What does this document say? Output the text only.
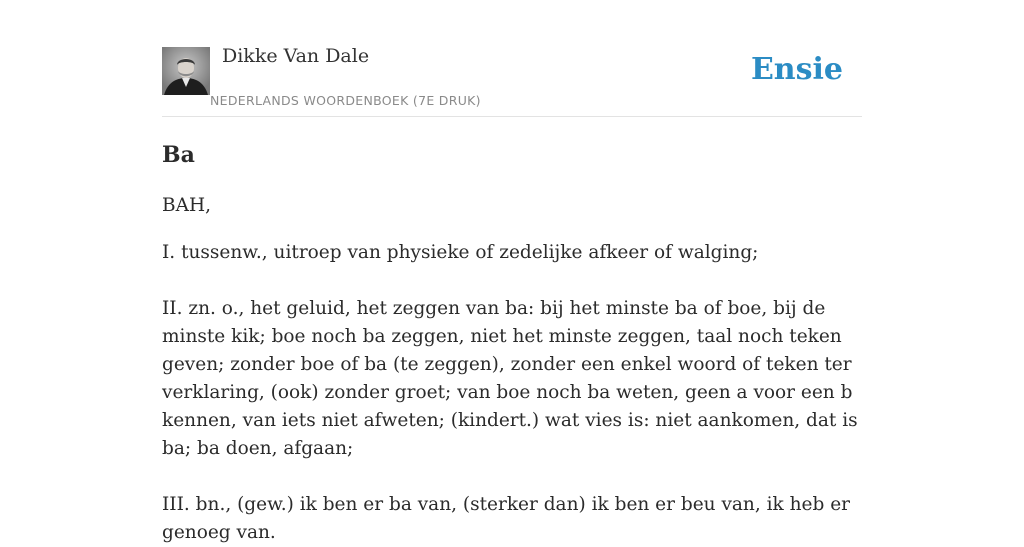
Dikke Van Dale
NEDERLANDS WOORDENBOEK (7E DRUK)
Ensie
Ba
BAH,

I. tussenw., uitroep van physieke of zedelijke afkeer of walging;

II. zn. o., het geluid, het zeggen van ba: bij het minste ba of boe, bij de minste kik; boe noch ba zeggen, niet het minste zeggen, taal noch teken geven; zonder boe of ba (te zeggen), zonder een enkel woord of teken ter verklaring, (ook) zonder groet; van boe noch ba weten, geen a voor een b kennen, van iets niet afweten; (kindert.) wat vies is: niet aankomen, dat is ba; ba doen, afgaan;

III. bn., (gew.) ik ben er ba van, (sterker dan) ik ben er beu van, ik heb er genoeg van.
